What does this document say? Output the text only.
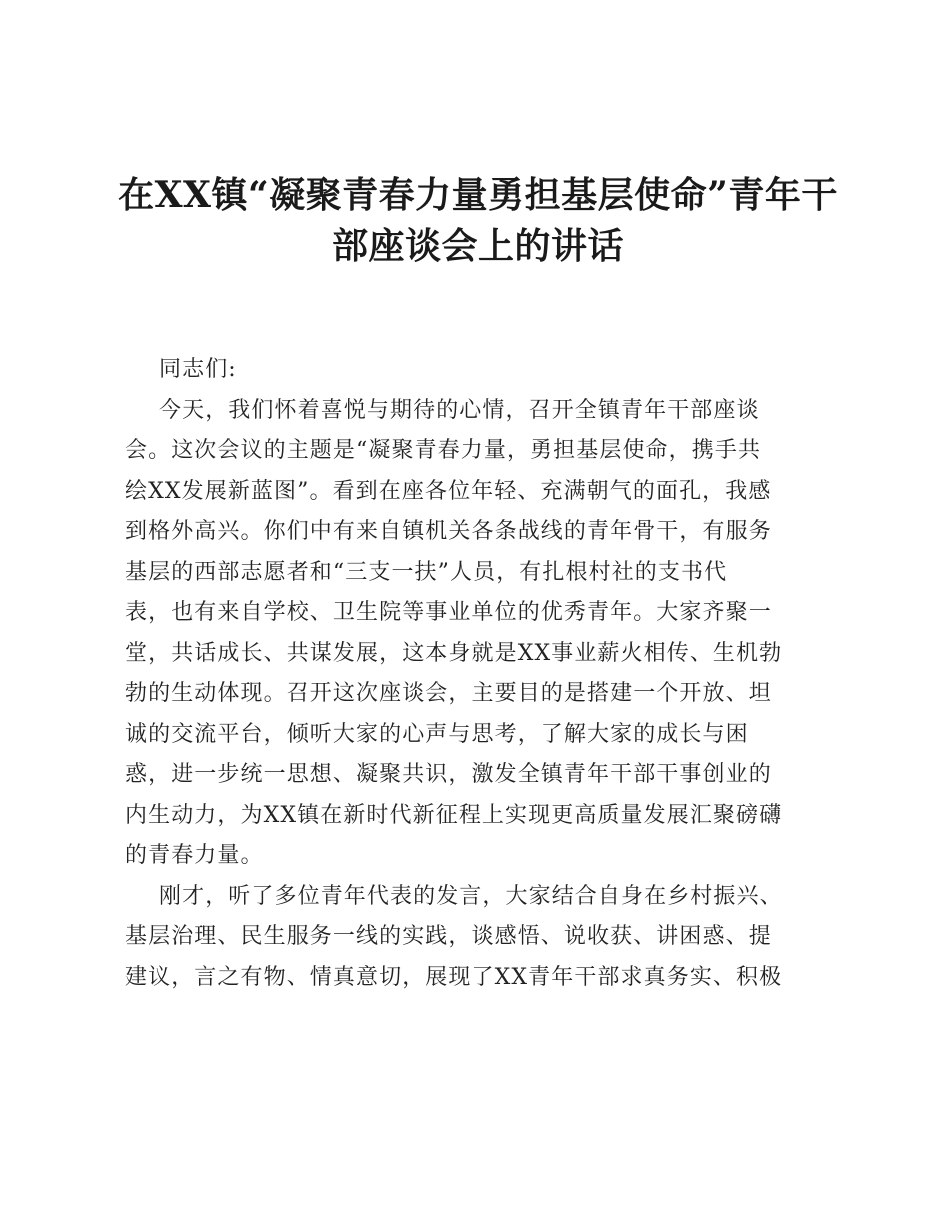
在XX镇“凝聚青春力量勇担基层使命”青年干
部座谈会上的讲话
同志们:
今天，我们怀着喜悦与期待的心情，召开全镇青年干部座谈
会。这次会议的主题是“凝聚青春力量，勇担基层使命，携手共
绘XX发展新蓝图”。看到在座各位年轻、充满朝气的面孔，我感
到格外高兴。你们中有来自镇机关各条战线的青年骨干，有服务
基层的西部志愿者和“三支一扶”人员，有扎根村社的支书代
表，也有来自学校、卫生院等事业单位的优秀青年。大家齐聚一
堂，共话成长、共谋发展，这本身就是XX事业薪火相传、生机勃
勃的生动体现。召开这次座谈会，主要目的是搭建一个开放、坦
诚的交流平台，倾听大家的心声与思考，了解大家的成长与困
惑，进一步统一思想、凝聚共识，激发全镇青年干部干事创业的
内生动力，为XX镇在新时代新征程上实现更高质量发展汇聚磅礴
的青春力量。
刚才，听了多位青年代表的发言，大家结合自身在乡村振兴、
基层治理、民生服务一线的实践，谈感悟、说收获、讲困惑、提
建议，言之有物、情真意切，展现了XX青年干部求真务实、积极
